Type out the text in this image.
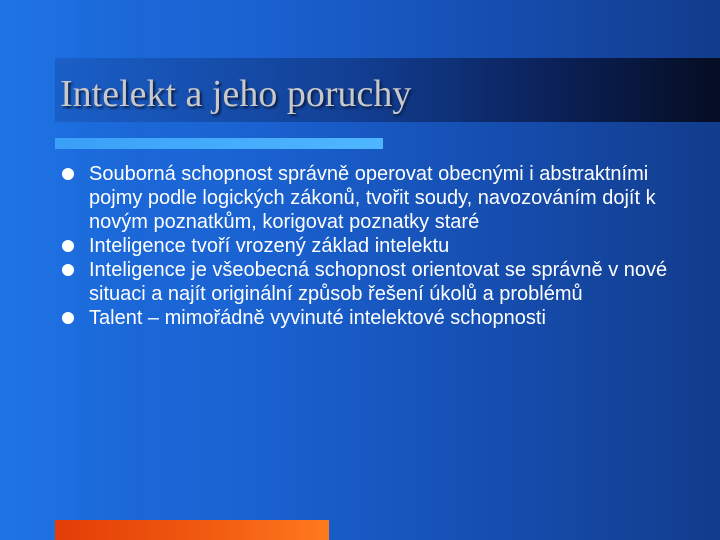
Intelekt a jeho poruchy
Souborná schopnost správně operovat obecnými i abstraktními pojmy podle logických zákonů, tvořit soudy, navozováním dojít k novým poznatkům, korigovat poznatky staré
Inteligence tvoří vrozený základ intelektu
Inteligence je všeobecná schopnost orientovat se správně v nové situaci a najít originální způsob řešení úkolů a problémů
Talent – mimořádně vyvinuté intelektové schopnosti
